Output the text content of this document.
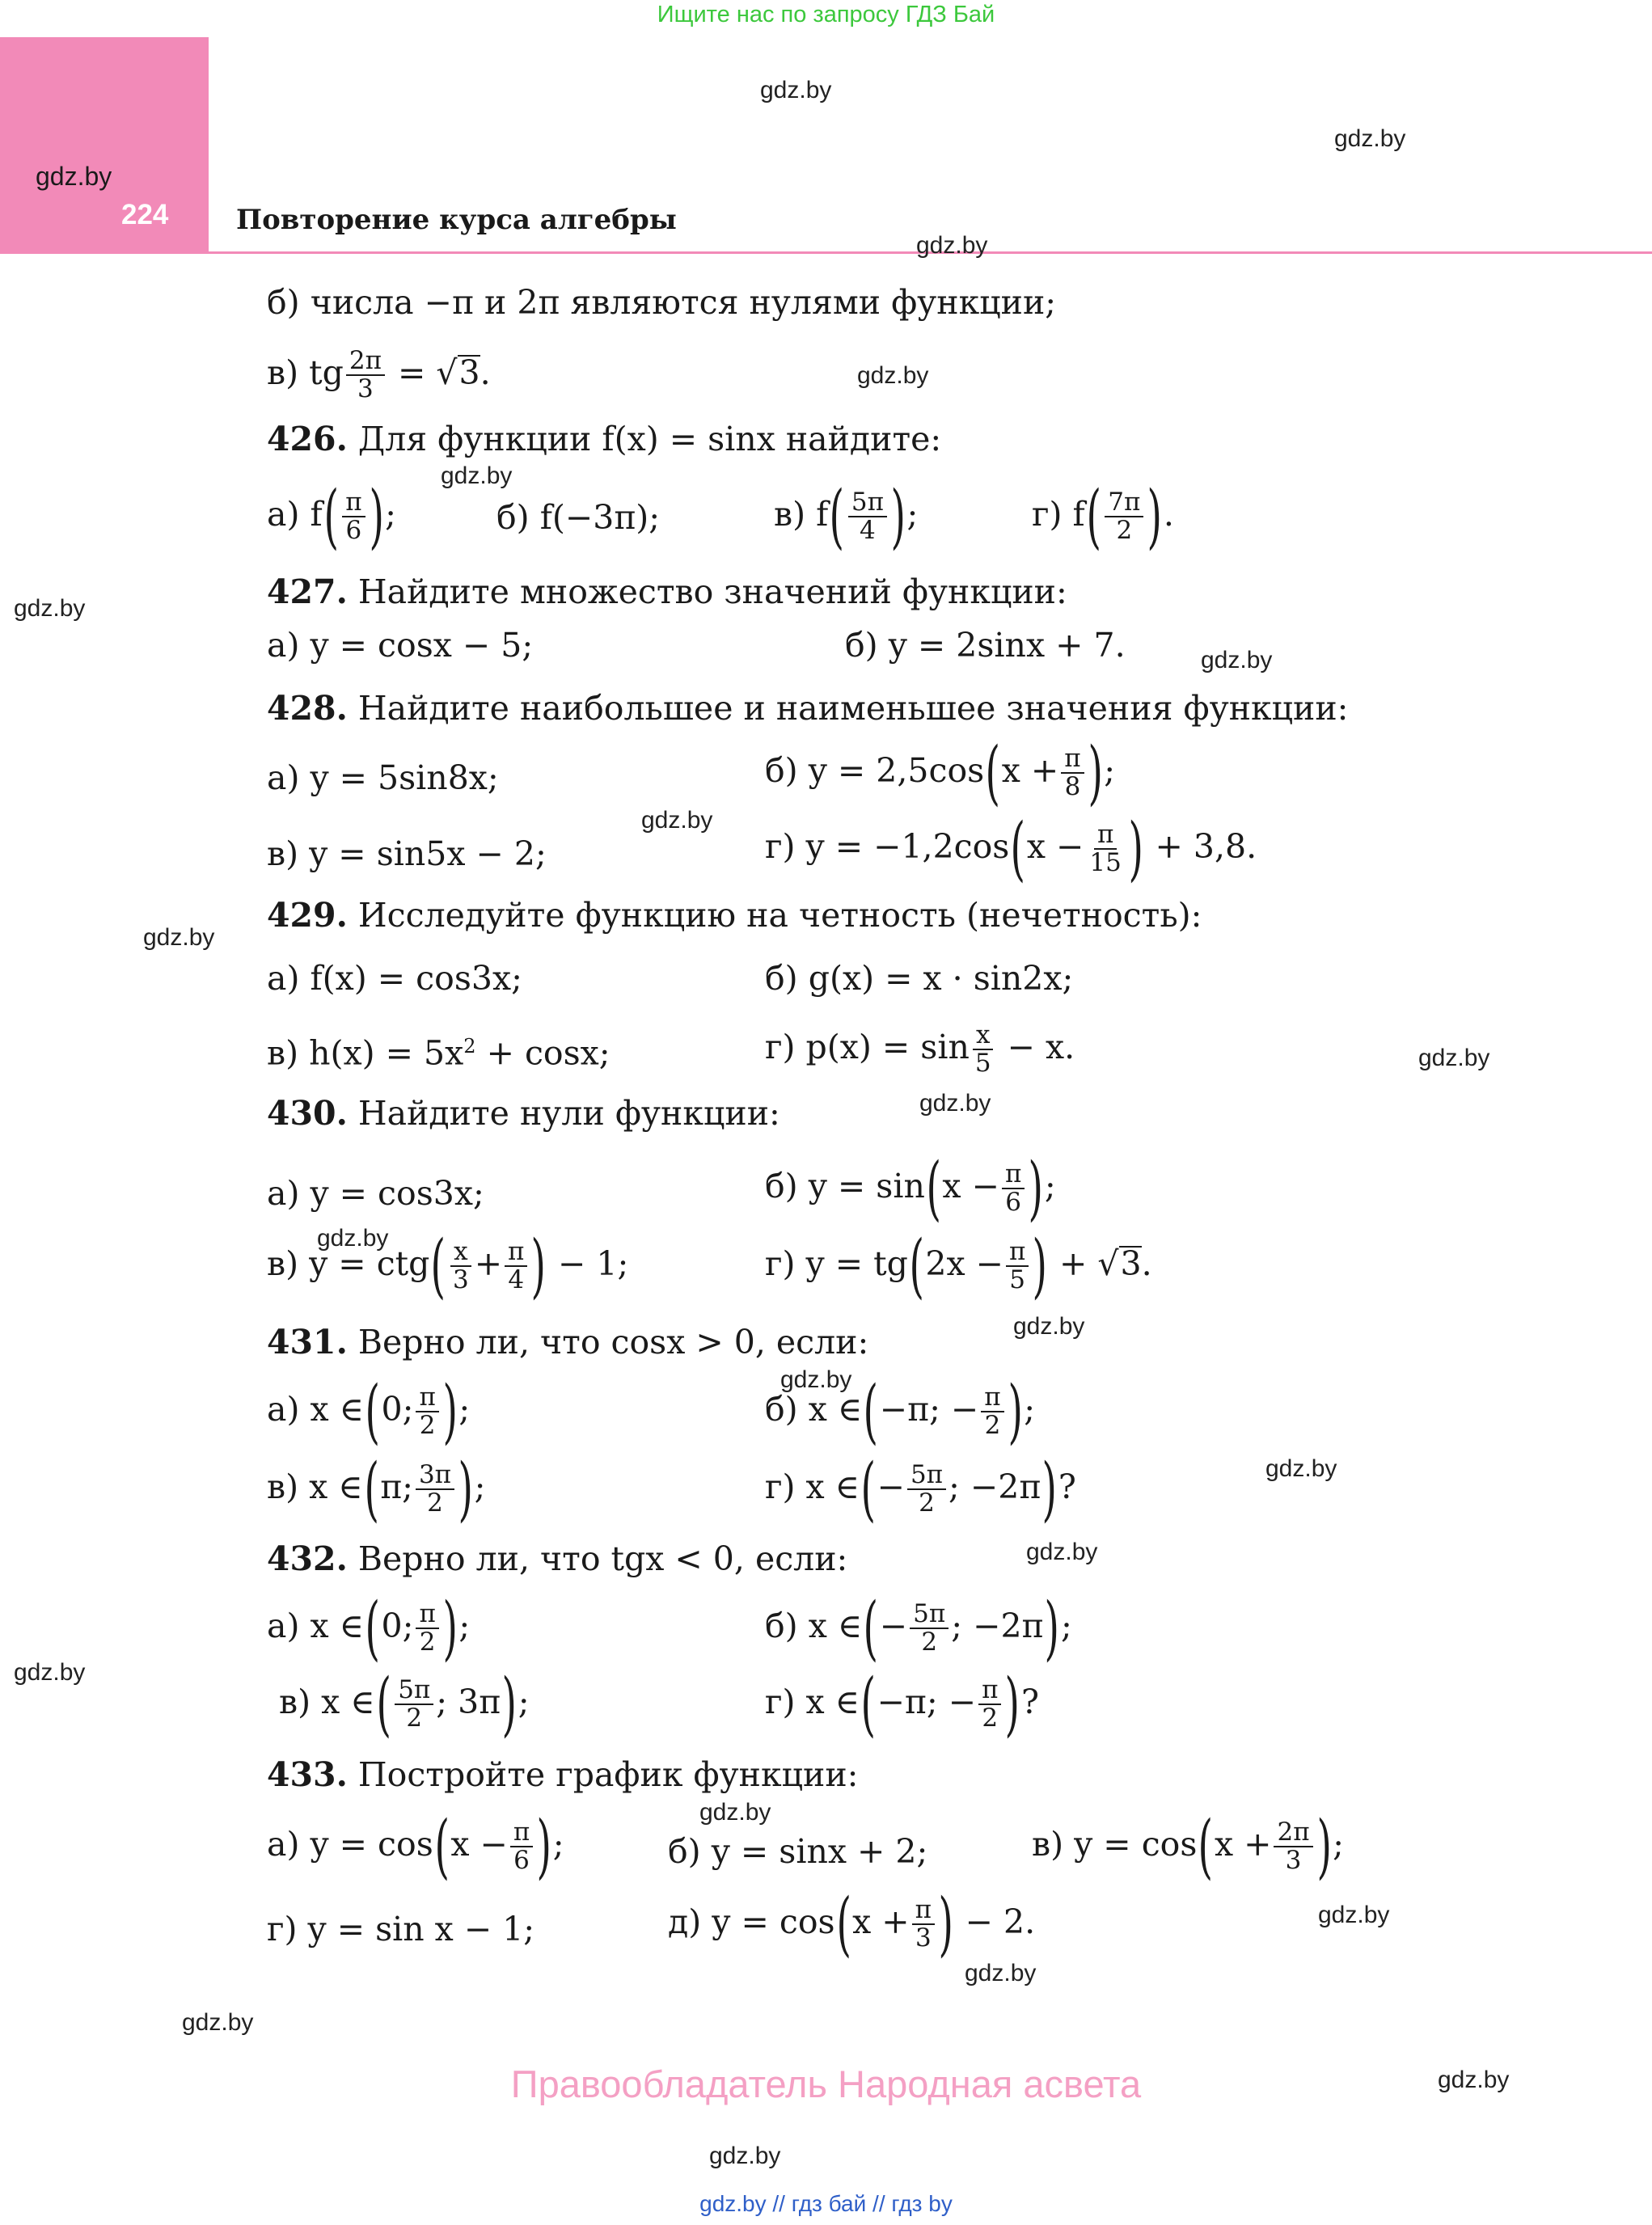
Ищите нас по запросу ГДЗ Бай
gdz.by
224 Повторение курса алгебры
gdz.by
gdz.by
gdz.by
gdz.by
gdz.by
gdz.by
gdz.by
gdz.by
gdz.by
gdz.by
gdz.by
gdz.by
gdz.by
gdz.by
gdz.by
gdz.by
gdz.by
gdz.by
gdz.by
gdz.by
gdz.by
gdz.by
gdz.by
б) числа −π и 2π являются нулями функции;
в) tg $\frac{2\pi}{3} = √3$.
426. Для функции f(x) = sinx найдите:
а) $f( \frac{\pi}{6}$ );	б) f(−3π);	в) $f( \frac{5\pi}{4}$ );	г) $f( \frac{7\pi}{2}$ ).
427. Найдите множество значений функции:
а) y = cosx − 5;	б) y = 2sinx + 7.
428. Найдите наибольшее и наименьшее значения функции:
а) y = 5sin8x;	б) $y = 2,5\cos(x + \frac{\pi}{8}$ );
в) y = sin5x − 2;	г) $y = -1,2\cos(x - \frac{\pi}{15}$ ) + 3,8.
429. Исследуйте функцию на четность (нечетность):
а) f(x) = cos3x;	б) g(x) = x · sin2x;
в) $h(x) = 5x^2 + \cos x$;	г) $p(x) = \sin \frac{x}{5} - x$.
430. Найдите нули функции:
а) y = cos3x;	б) $y = \sin(x - \frac{\pi}{6}$ );
в) $y = ctg( \frac{x}{3} + \frac{\pi}{4}$ ) − 1;	г) $y = tg(2x - \frac{\pi}{5}$ ) + √3.
431. Верно ли, что cosx > 0, если:
а) x ∈(0; $\frac{\pi}{2}$ );	б) x ∈(−π; − $\frac{\pi}{2}$ );
в) x ∈(π; $\frac{3\pi}{2}$ );	г) x ∈(− $\frac{5\pi}{2}$ ; −2π)?
432. Верно ли, что tgx < 0, если:
а) x ∈(0; $\frac{\pi}{2}$ );	б) x ∈(− $\frac{5\pi}{2}$ ; −2π);
в) x ∈( $\frac{5\pi}{2}$ ; 3π);	г) x ∈(−π; − $\frac{\pi}{2}$ )?
433. Постройте график функции:
а) $y = \cos(x - \frac{\pi}{6}$ );	б) y = sinx + 2;	в) $y = \cos(x + \frac{2\pi}{3}$ );
г) y = sin x − 1;	д) $y = \cos(x + \frac{\pi}{3}$ ) − 2.
Правообладатель Народная асвета
gdz.by // гдз бай // гдз by
